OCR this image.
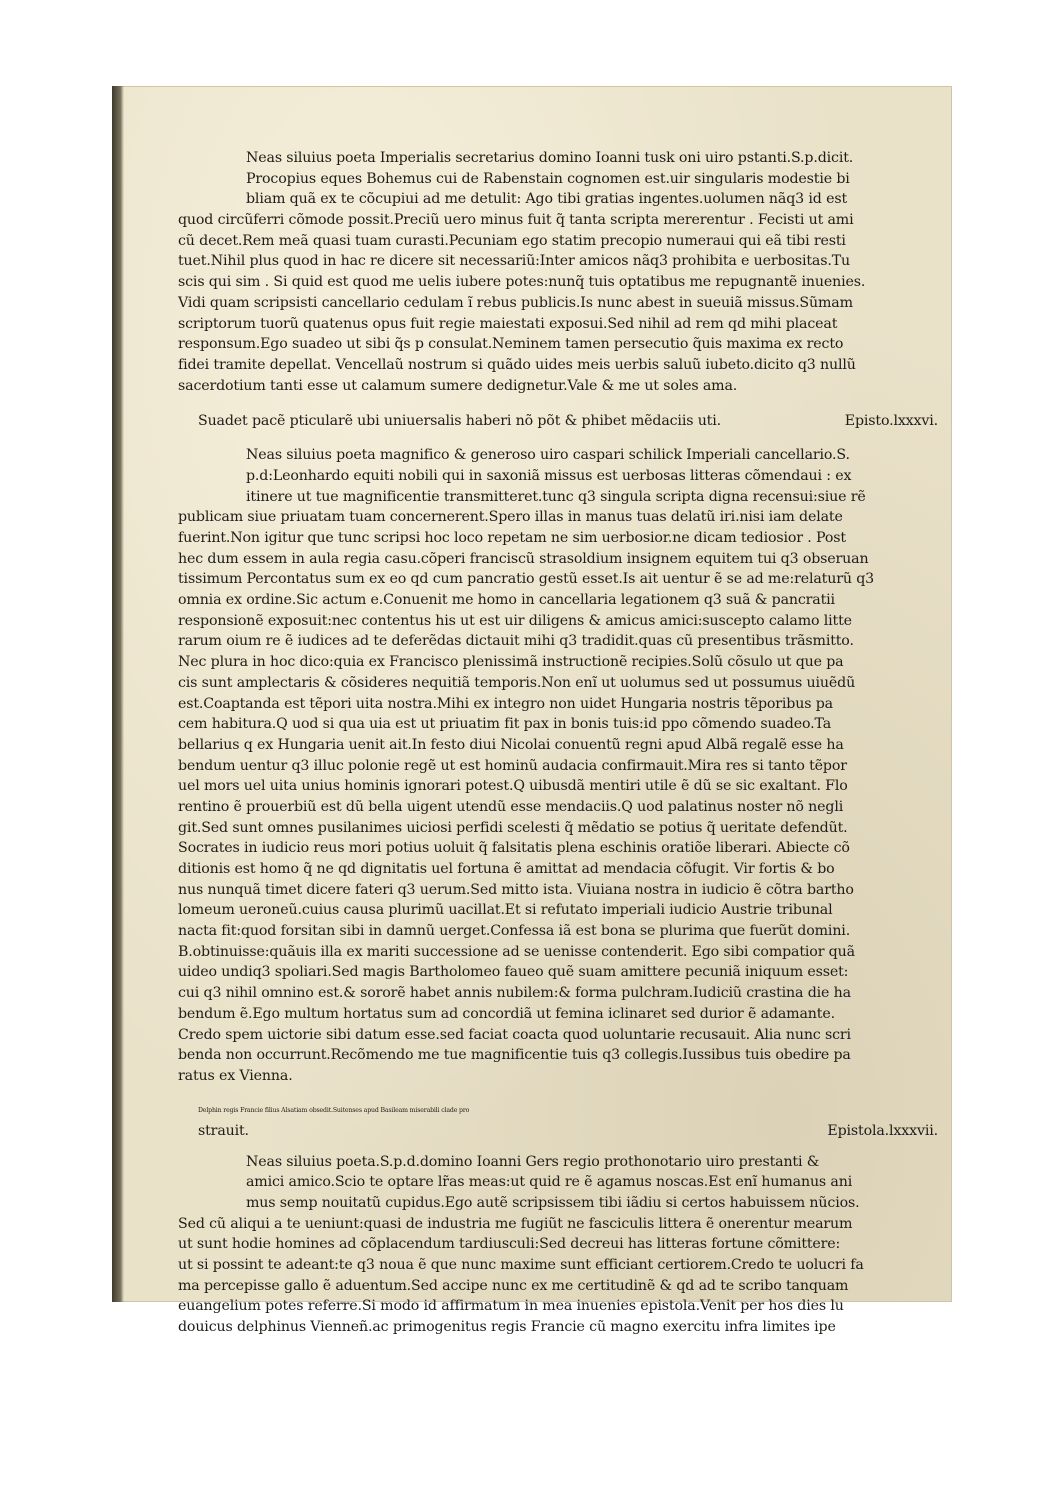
Neas siluius poeta Imperialis secretarius domino Ioanni tusk oni uiro pstanti.S.p.dicit.
Procopius eques Bohemus cui de Rabenstain cognomen est.uir singularis modestie bi
bliam quã ex te cõcupiui ad me detulit: Ago tibi gratias ingentes.uolumen nãq3 id est
quod circũferri cõmode possit.Preciũ uero minus fuit q̃ tanta scripta mererentur . Fecisti ut ami
cũ decet.Rem meã quasi tuam curasti.Pecuniam ego statim precopio numeraui qui eã tibi resti
tuet.Nihil plus quod in hac re dicere sit necessariũ:Inter amicos nãq3 prohibita e uerbositas.Tu
scis qui sim . Si quid est quod me uelis iubere potes:nunq̃ tuis optatibus me repugnantẽ inuenies.
Vidi quam scripsisti cancellario cedulam ĩ rebus publicis.Is nunc abest in sueuiã missus.Sũmam
scriptorum tuorũ quatenus opus fuit regie maiestati exposui.Sed nihil ad rem qd mihi placeat
responsum.Ego suadeo ut sibi q̃s p consulat.Neminem tamen persecutio q̃uis maxima ex recto
fidei tramite depellat. Vencellaũ nostrum si quãdo uides meis uerbis saluũ iubeto.dicito q3 nullũ
sacerdotium tanti esse ut calamum sumere dedignetur.Vale & me ut soles ama.
Suadet pacẽ pticularẽ ubi uniuersalis haberi nõ põt & phibet mẽdaciis uti.	Episto.lxxxvi.
Neas siluius poeta magnifico & generoso uiro caspari schilick Imperiali cancellario.S.
p.d:Leonhardo equiti nobili qui in saxoniã missus est uerbosas litteras cõmendaui : ex
itinere ut tue magnificentie transmitteret.tunc q3 singula scripta digna recensui:siue rẽ
publicam siue priuatam tuam concernerent.Spero illas in manus tuas delatũ iri.nisi iam delate
fuerint.Non igitur que tunc scripsi hoc loco repetam ne sim uerbosior.ne dicam tediosior . Post
hec dum essem in aula regia casu.cõperi franciscũ strasoldium insignem equitem tui q3 obseruan
tissimum Percontatus sum ex eo qd cum pancratio gestũ esset.Is ait uentur ẽ se ad me:relaturũ q3
omnia ex ordine.Sic actum e.Conuenit me homo in cancellaria legationem q3 suã & pancratii
responsionẽ exposuit:nec contentus his ut est uir diligens & amicus amici:suscepto calamo litte
rarum oium re ẽ iudices ad te deferẽdas dictauit mihi q3 tradidit.quas cũ presentibus trãsmitto.
Nec plura in hoc dico:quia ex Francisco plenissimã instructionẽ recipies.Solũ cõsulo ut que pa
cis sunt amplectaris & cõsideres nequitiã temporis.Non enĩ ut uolumus sed ut possumus uiuẽdũ
est.Coaptanda est tẽpori uita nostra.Mihi ex integro non uidet Hungaria nostris tẽporibus pa
cem habitura.Q uod si qua uia est ut priuatim fit pax in bonis tuis:id ppo cõmendo suadeo.Ta
bellarius q ex Hungaria uenit ait.In festo diui Nicolai conuentũ regni apud Albã regalẽ esse ha
bendum uentur q3 illuc polonie regẽ ut est hominũ audacia confirmauit.Mira res si tanto tẽpor
uel mors uel uita unius hominis ignorari potest.Q uibusdã mentiri utile ẽ dũ se sic exaltant. Flo
rentino ẽ prouerbiũ est dũ bella uigent utendũ esse mendaciis.Q uod palatinus noster nõ negli
git.Sed sunt omnes pusilanimes uiciosi perfidi scelesti q̃ mẽdatio se potius q̃ ueritate defendũt.
Socrates in iudicio reus mori potius uoluit q̃ falsitatis plena eschinis oratiõe liberari. Abiecte cõ
ditionis est homo q̃ ne qd dignitatis uel fortuna ẽ amittat ad mendacia cõfugit. Vir fortis & bo
nus nunquã timet dicere fateri q3 uerum.Sed mitto ista. Viuiana nostra in iudicio ẽ cõtra bartho
lomeum ueroneũ.cuius causa plurimũ uacillat.Et si refutato imperiali iudicio Austrie tribunal
nacta fit:quod forsitan sibi in damnũ uerget.Confessa iã est bona se plurima que fuerũt domini.
B.obtinuisse:quãuis illa ex mariti successione ad se uenisse contenderit. Ego sibi compatior quã
uideo undiq3 spoliari.Sed magis Bartholomeo faueo quẽ suam amittere pecuniã iniquum esset:
cui q3 nihil omnino est.& sororẽ habet annis nubilem:& forma pulchram.Iudiciũ crastina die ha
bendum ẽ.Ego multum hortatus sum ad concordiã ut femina iclinaret sed durior ẽ adamante.
Credo spem uictorie sibi datum esse.sed faciat coacta quod uoluntarie recusauit. Alia nunc scri
benda non occurrunt.Recõmendo me tue magnificentie tuis q3 collegis.Iussibus tuis obedire pa
ratus ex Vienna.
Delphin regis Francie filius Alsatiam obsedit.Suitenses apud Basileam miserabili clade pro
strauit.	Epistola.lxxxvii.
Neas siluius poeta.S.p.d.domino Ioanni Gers regio prothonotario uiro prestanti &
amici amico.Scio te optare lr̃as meas:ut quid re ẽ agamus noscas.Est enĩ humanus ani
mus semp nouitatũ cupidus.Ego autẽ scripsissem tibi iãdiu si certos habuissem nũcios.
Sed cũ aliqui a te ueniunt:quasi de industria me fugiũt ne fasciculis littera ẽ onerentur mearum
ut sunt hodie homines ad cõplacendum tardiusculi:Sed decreui has litteras fortune cõmittere:
ut si possint te adeant:te q3 noua ẽ que nunc maxime sunt efficiant certiorem.Credo te uolucri fa
ma percepisse gallo ẽ aduentum.Sed accipe nunc ex me certitudinẽ & qd ad te scribo tanquam
euangelium potes referre.Si modo id affirmatum in mea inuenies epistola.Venit per hos dies lu
douicus delphinus Vienneñ.ac primogenitus regis Francie cũ magno exercitu infra limites ipe
